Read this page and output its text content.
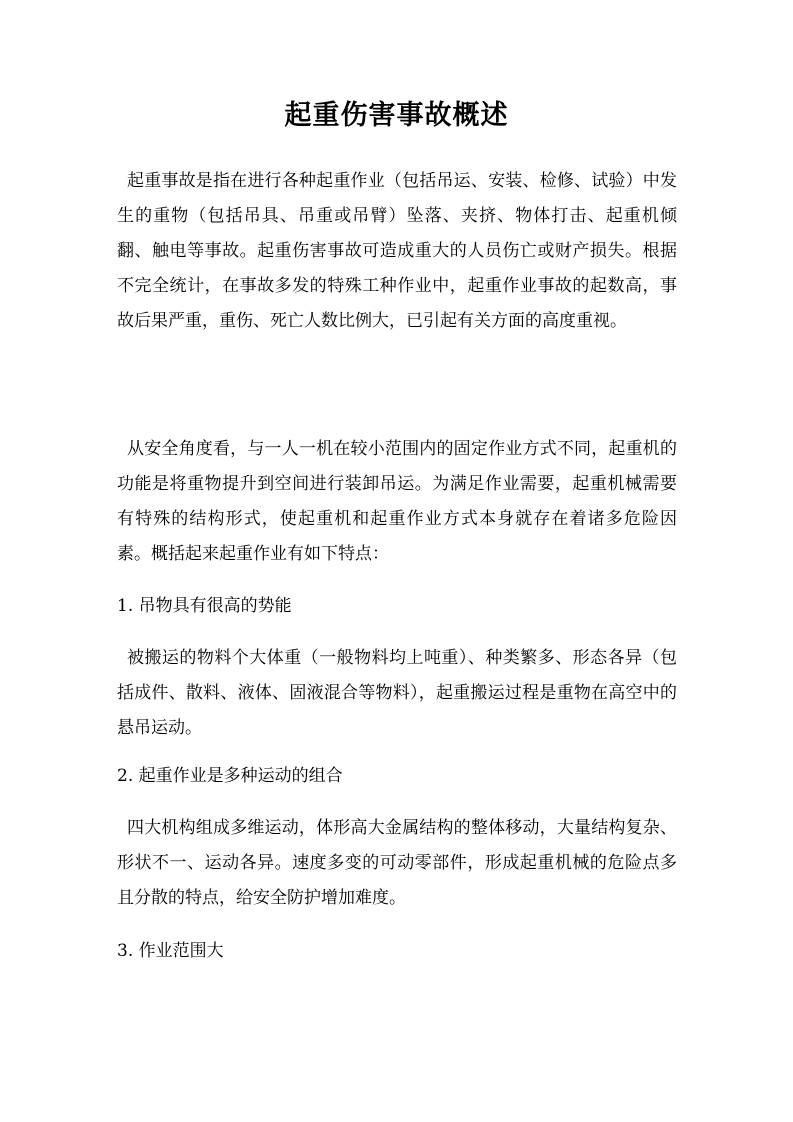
起重伤害事故概述
起重事故是指在进行各种起重作业（包括吊运、安装、检修、试验）中发生的重物（包括吊具、吊重或吊臂）坠落、夹挤、物体打击、起重机倾翻、触电等事故。起重伤害事故可造成重大的人员伤亡或财产损失。根据不完全统计，在事故多发的特殊工种作业中，起重作业事故的起数高，事故后果严重，重伤、死亡人数比例大，已引起有关方面的高度重视。
从安全角度看，与一人一机在较小范围内的固定作业方式不同，起重机的功能是将重物提升到空间进行装卸吊运。为满足作业需要，起重机械需要有特殊的结构形式，使起重机和起重作业方式本身就存在着诸多危险因素。概括起来起重作业有如下特点：
1. 吊物具有很高的势能
被搬运的物料个大体重（一般物料均上吨重）、种类繁多、形态各异（包括成件、散料、液体、固液混合等物料），起重搬运过程是重物在高空中的悬吊运动。
2. 起重作业是多种运动的组合
四大机构组成多维运动，体形高大金属结构的整体移动，大量结构复杂、形状不一、运动各异。速度多变的可动零部件，形成起重机械的危险点多且分散的特点，给安全防护增加难度。
3. 作业范围大
